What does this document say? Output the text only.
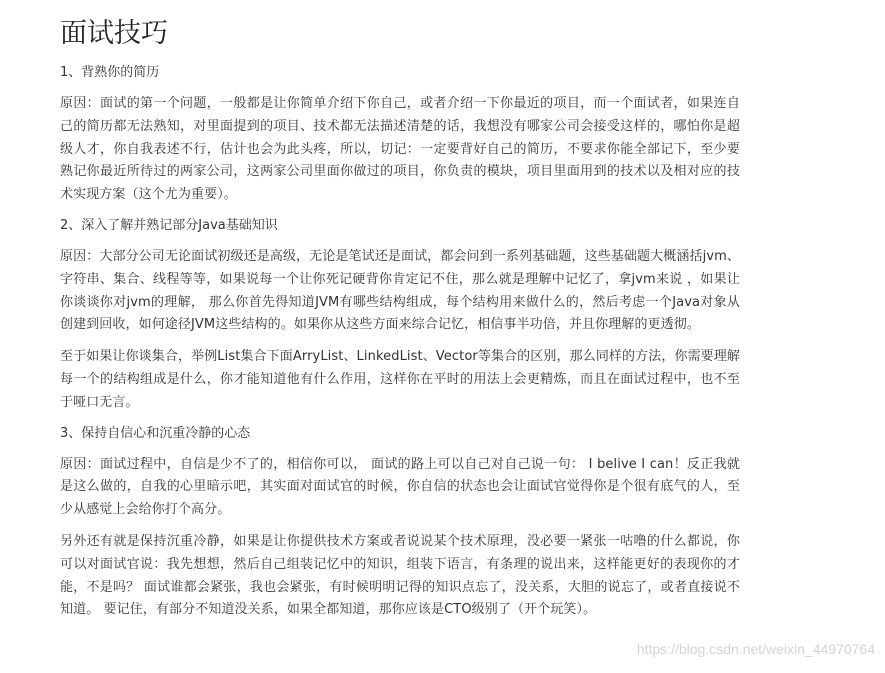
面试技巧
1、背熟你的简历

原因：面试的第一个问题，一般都是让你简单介绍下你自己，或者介绍一下你最近的项目，而一个面试者，如果连自己的简历都无法熟知，对里面提到的项目、技术都无法描述清楚的话，我想没有哪家公司会接受这样的，哪怕你是超级人才，你自我表述不行，估计也会为此头疼，所以，切记：一定要背好自己的简历，不要求你能全部记下，至少要熟记你最近所待过的两家公司，这两家公司里面你做过的项目，你负责的模块，项目里面用到的技术以及相对应的技术实现方案（这个尤为重要）。

2、深入了解并熟记部分Java基础知识

原因：大部分公司无论面试初级还是高级，无论是笔试还是面试，都会问到一系列基础题，这些基础题大概涵括jvm、字符串、集合、线程等等，如果说每一个让你死记硬背你肯定记不住，那么就是理解中记忆了，拿jvm来说 ，如果让你谈谈你对jvm的理解， 那么你首先得知道JVM有哪些结构组成，每个结构用来做什么的，然后考虑一个Java对象从创建到回收，如何途径JVM这些结构的。如果你从这些方面来综合记忆，相信事半功倍，并且你理解的更透彻。

至于如果让你谈集合，举例List集合下面ArryList、LinkedList、Vector等集合的区别，那么同样的方法，你需要理解每一个的结构组成是什么，你才能知道他有什么作用，这样你在平时的用法上会更精炼，而且在面试过程中，也不至于哑口无言。

3、保持自信心和沉重冷静的心态

原因：面试过程中，自信是少不了的，相信你可以， 面试的路上可以自己对自己说一句： I belive I can！反正我就是这么做的，自我的心里暗示吧，其实面对面试官的时候，你自信的状态也会让面试官觉得你是个很有底气的人，至少从感觉上会给你打个高分。

另外还有就是保持沉重冷静，如果是让你提供技术方案或者说说某个技术原理，没必要一紧张一咕噜的什么都说，你可以对面试官说：我先想想，然后自己组装记忆中的知识，组装下语言，有条理的说出来，这样能更好的表现你的才能，不是吗？ 面试谁都会紧张，我也会紧张，有时候明明记得的知识点忘了，没关系，大胆的说忘了，或者直接说不知道。 要记住，有部分不知道没关系，如果全都知道，那你应该是CTO级别了（开个玩笑）。

https://blog.csdn.net/weixin_44970764
